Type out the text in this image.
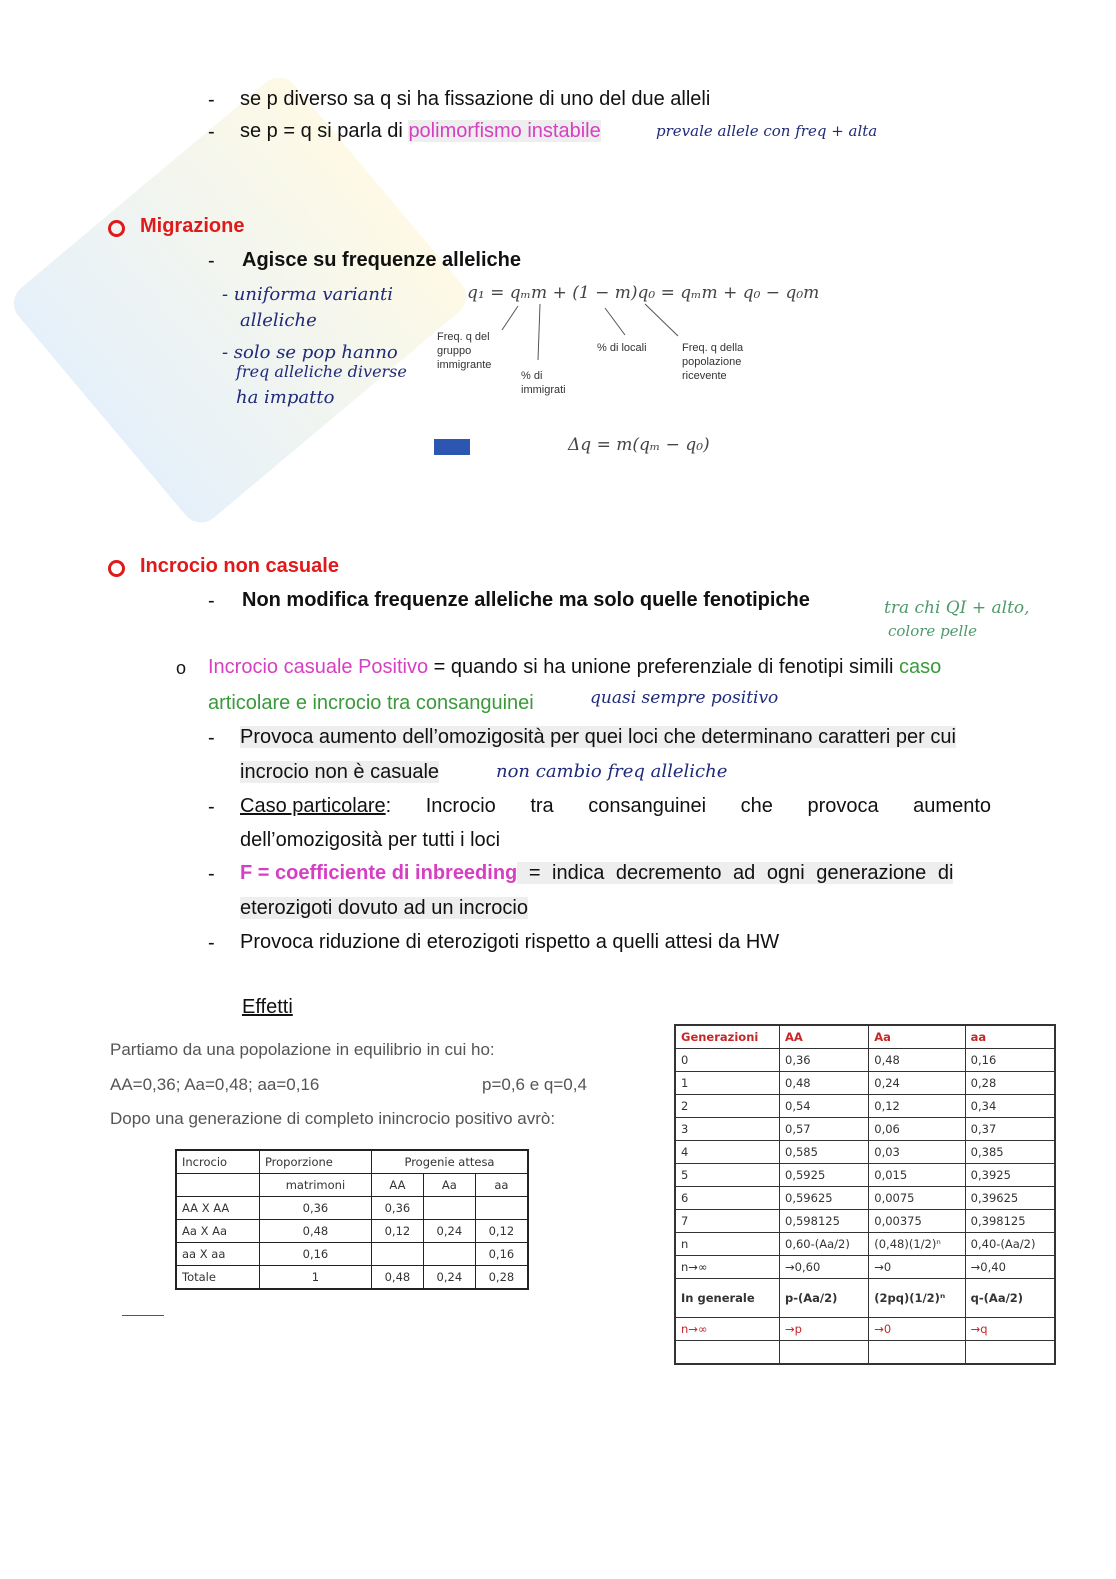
- se p diverso sa q si ha fissazione di uno del due alleli
- se p = q si parla di polimorfismo instabile	prevale allele con freq + alta
Migrazione
- Agisce su frequenze alleliche
- uniforma varianti
alleliche
- solo se pop hanno
freq alleliche diverse
ha impatto
q₁ = qₘm + (1 − m)q₀ = qₘm + q₀ − q₀m
Freq. q del
gruppo
immigrante
% di
immigrati
% di locali	Freq. q della
popolazione
ricevente
Δq = m(qₘ − q₀)
Incrocio non casuale
- Non modifica frequenze alleliche ma solo quelle fenotipiche	tra chi QI + alto,
colore pelle
o Incrocio casuale Positivo = quando si ha unione preferenziale di fenotipi simili caso
articolare e incrocio tra consanguinei	quasi sempre positivo
- Provoca aumento dell’omozigosità per quei loci che determinano caratteri per cui
incrocio non è casuale	non cambio freq alleliche
- Caso particolare: Incrocio tra consanguinei che provoca aumento
dell’omozigosità per tutti i loci
- F = coefficiente di inbreeding = indica decremento ad ogni generazione di
eterozigoti dovuto ad un incrocio
- Provoca riduzione di eterozigoti rispetto a quelli attesi da HW
Effetti
Partiamo da una popolazione in equilibrio in cui ho:
AA=0,36; Aa=0,48; aa=0,16	p=0,6 e q=0,4
Dopo una generazione di completo inincrocio positivo avrò:
Incrocio	Proporzione	Progenie attesa		
	matrimoni	AA	Aa	aa
AA X AA	0,36	0,36		
Aa X Aa	0,48	0,12	0,24	0,12
aa X aa	0,16			0,16
Totale	1	0,48	0,24	0,28
Generazioni	AA	Aa	aa
0	0,36	0,48	0,16
1	0,48	0,24	0,28
2	0,54	0,12	0,34
3	0,57	0,06	0,37
4	0,585	0,03	0,385
5	0,5925	0,015	0,3925
6	0,59625	0,0075	0,39625
7	0,598125	0,00375	0,398125
n	0,60-(Aa/2)	(0,48)(1/2)ⁿ	0,40-(Aa/2)
n→∞	→0,60	→0	→0,40
In generale	p-(Aa/2)	(2pq)(1/2)ⁿ	q-(Aa/2)
n→∞	→p	→0	→q
